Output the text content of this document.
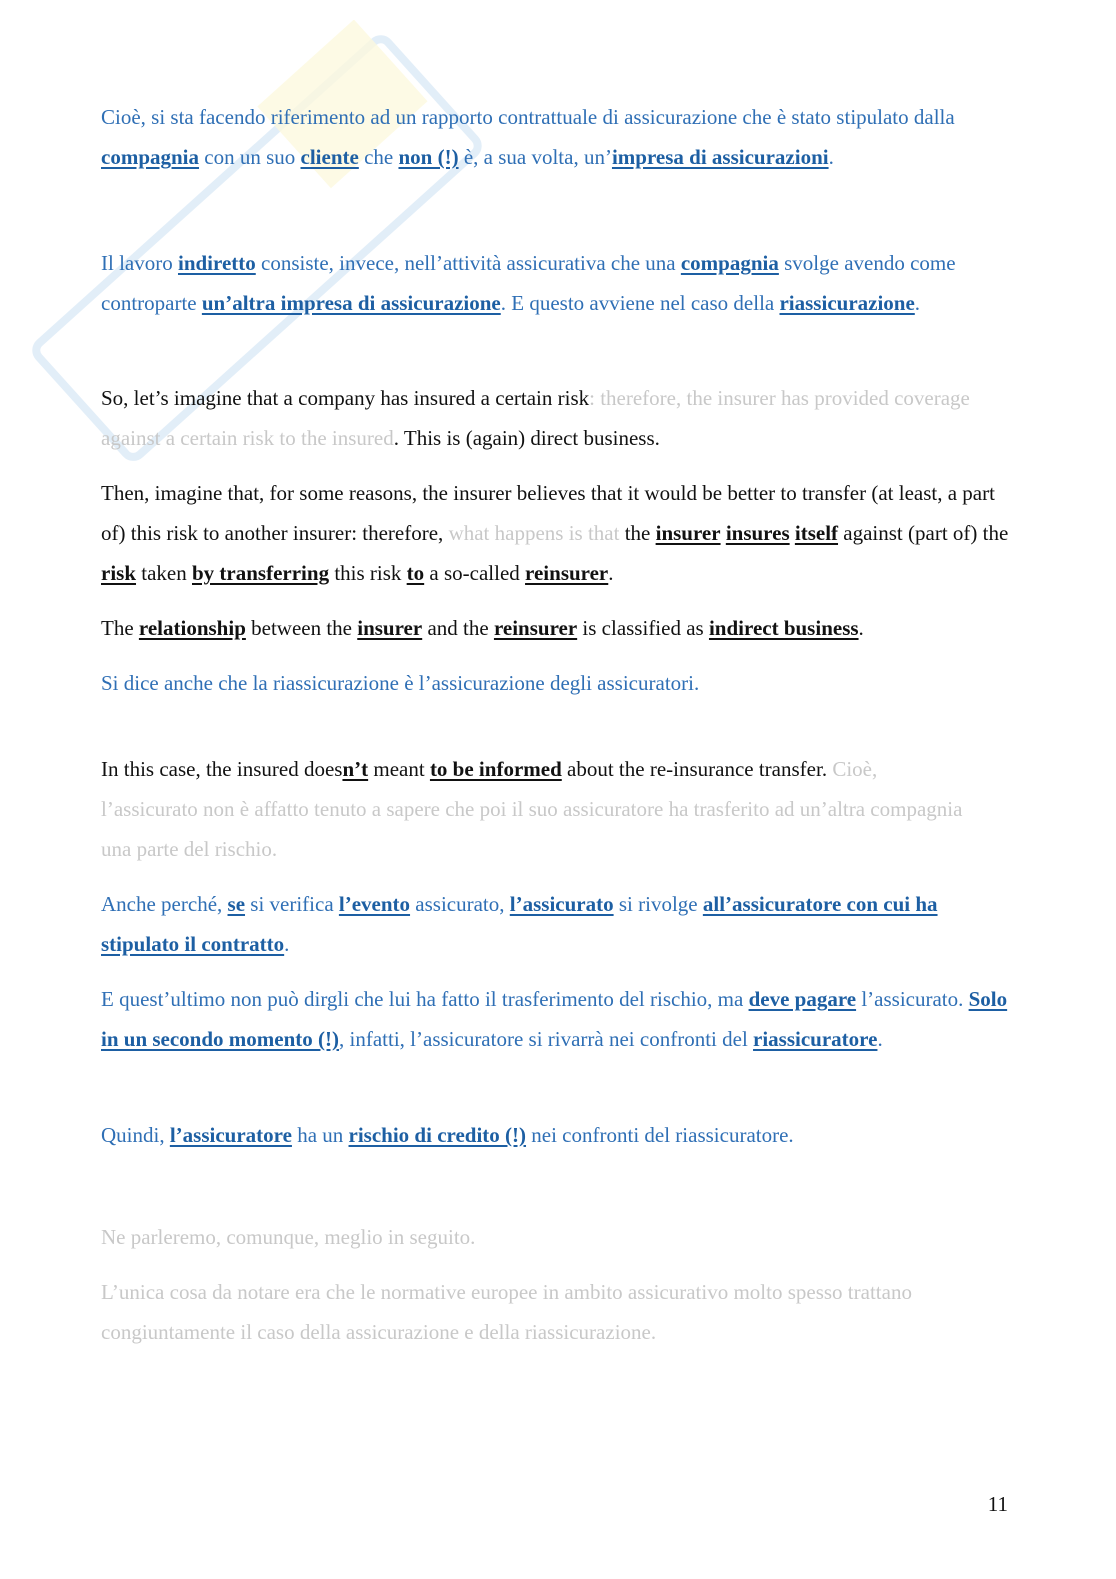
Cioè, si sta facendo riferimento ad un rapporto contrattuale di assicurazione che è stato stipulato dalla compagnia con un suo cliente che non (!) è, a sua volta, un’impresa di assicurazioni.

Il lavoro indiretto consiste, invece, nell’attività assicurativa che una compagnia svolge avendo come controparte un’altra impresa di assicurazione. E questo avviene nel caso della riassicurazione.

So, let’s imagine that a company has insured a certain risk: therefore, the insurer has provided coverage against a certain risk to the insured. This is (again) direct business.

Then, imagine that, for some reasons, the insurer believes that it would be better to transfer (at least, a part of) this risk to another insurer: therefore, what happens is that the insurer insures itself against (part of) the risk taken by transferring this risk to a so-called reinsurer.

The relationship between the insurer and the reinsurer is classified as indirect business.

Si dice anche che la riassicurazione è l’assicurazione degli assicuratori.

In this case, the insured doesn’t meant to be informed about the re-insurance transfer. Cioè, l’assicurato non è affatto tenuto a sapere che poi il suo assicuratore ha trasferito ad un’altra compagnia una parte del rischio.

Anche perché, se si verifica l’evento assicurato, l’assicurato si rivolge all’assicuratore con cui ha stipulato il contratto.

E quest’ultimo non può dirgli che lui ha fatto il trasferimento del rischio, ma deve pagare l’assicurato. Solo in un secondo momento (!), infatti, l’assicuratore si rivarrà nei confronti del riassicuratore.

Quindi, l’assicuratore ha un rischio di credito (!) nei confronti del riassicuratore.

Ne parleremo, comunque, meglio in seguito.

L’unica cosa da notare era che le normative europee in ambito assicurativo molto spesso trattano congiuntamente il caso della assicurazione e della riassicurazione.

11
